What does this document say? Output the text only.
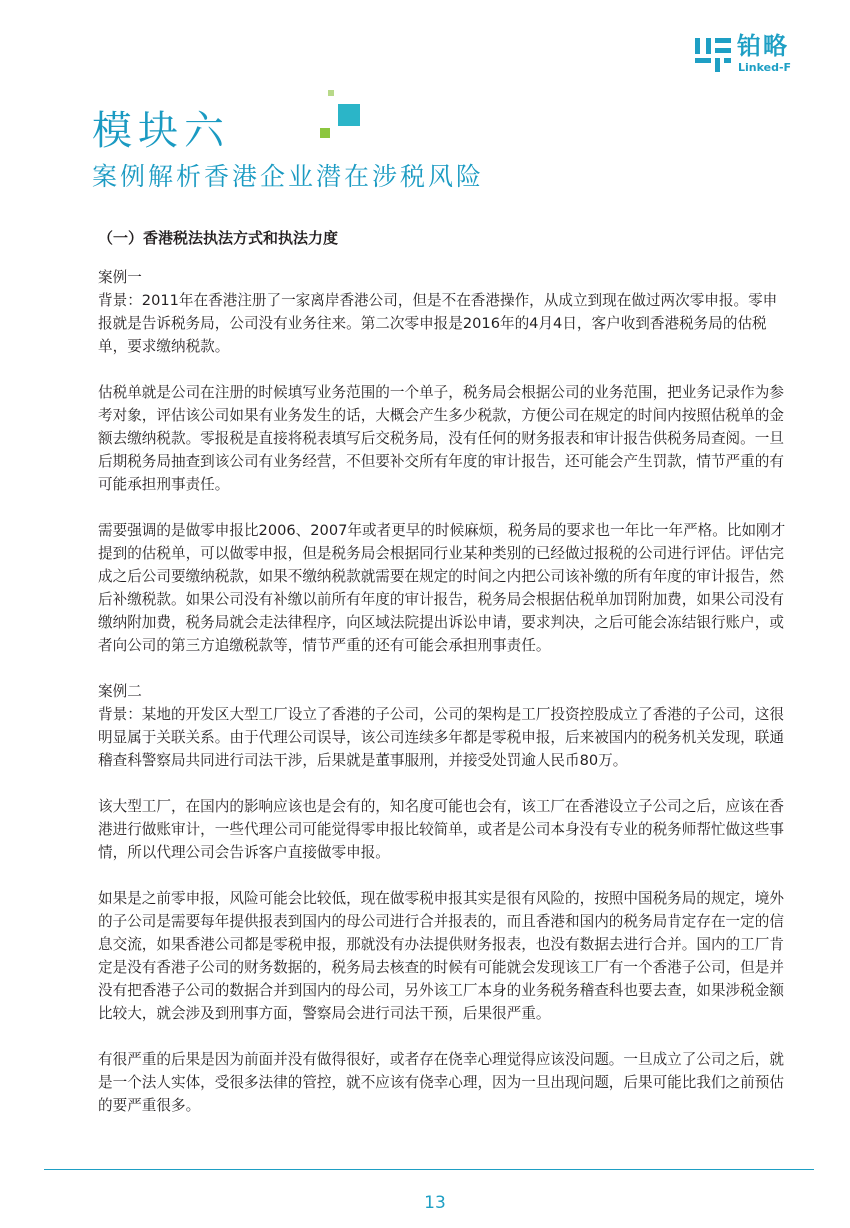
铂略
Linked-F
模块六
案例解析香港企业潜在涉税风险
（一）香港税法执法方式和执法力度

案例一

背景：2011年在香港注册了一家离岸香港公司，但是不在香港操作，从成立到现在做过两次零申报。零申报就是告诉税务局，公司没有业务往来。第二次零申报是2016年的4月4日，客户收到香港税务局的估税单，要求缴纳税款。

估税单就是公司在注册的时候填写业务范围的一个单子，税务局会根据公司的业务范围，把业务记录作为参考对象，评估该公司如果有业务发生的话，大概会产生多少税款，方便公司在规定的时间内按照估税单的金额去缴纳税款。零报税是直接将税表填写后交税务局，没有任何的财务报表和审计报告供税务局查阅。一旦后期税务局抽查到该公司有业务经营，不但要补交所有年度的审计报告，还可能会产生罚款，情节严重的有可能承担刑事责任。

需要强调的是做零申报比2006、2007年或者更早的时候麻烦，税务局的要求也一年比一年严格。比如刚才提到的估税单，可以做零申报，但是税务局会根据同行业某种类别的已经做过报税的公司进行评估。评估完成之后公司要缴纳税款，如果不缴纳税款就需要在规定的时间之内把公司该补缴的所有年度的审计报告，然后补缴税款。如果公司没有补缴以前所有年度的审计报告，税务局会根据估税单加罚附加费，如果公司没有缴纳附加费，税务局就会走法律程序，向区域法院提出诉讼申请，要求判决，之后可能会冻结银行账户，或者向公司的第三方追缴税款等，情节严重的还有可能会承担刑事责任。

案例二

背景：某地的开发区大型工厂设立了香港的子公司，公司的架构是工厂投资控股成立了香港的子公司，这很明显属于关联关系。由于代理公司误导，该公司连续多年都是零税申报，后来被国内的税务机关发现，联通稽查科警察局共同进行司法干涉，后果就是董事服刑，并接受处罚逾人民币80万。

该大型工厂，在国内的影响应该也是会有的，知名度可能也会有，该工厂在香港设立子公司之后，应该在香港进行做账审计，一些代理公司可能觉得零申报比较简单，或者是公司本身没有专业的税务师帮忙做这些事情，所以代理公司会告诉客户直接做零申报。

如果是之前零申报，风险可能会比较低，现在做零税申报其实是很有风险的，按照中国税务局的规定，境外的子公司是需要每年提供报表到国内的母公司进行合并报表的，而且香港和国内的税务局肯定存在一定的信息交流，如果香港公司都是零税申报，那就没有办法提供财务报表，也没有数据去进行合并。国内的工厂肯定是没有香港子公司的财务数据的，税务局去核查的时候有可能就会发现该工厂有一个香港子公司，但是并没有把香港子公司的数据合并到国内的母公司，另外该工厂本身的业务税务稽查科也要去查，如果涉税金额比较大，就会涉及到刑事方面，警察局会进行司法干预，后果很严重。

有很严重的后果是因为前面并没有做得很好，或者存在侥幸心理觉得应该没问题。一旦成立了公司之后，就是一个法人实体，受很多法律的管控，就不应该有侥幸心理，因为一旦出现问题，后果可能比我们之前预估的要严重很多。

13
